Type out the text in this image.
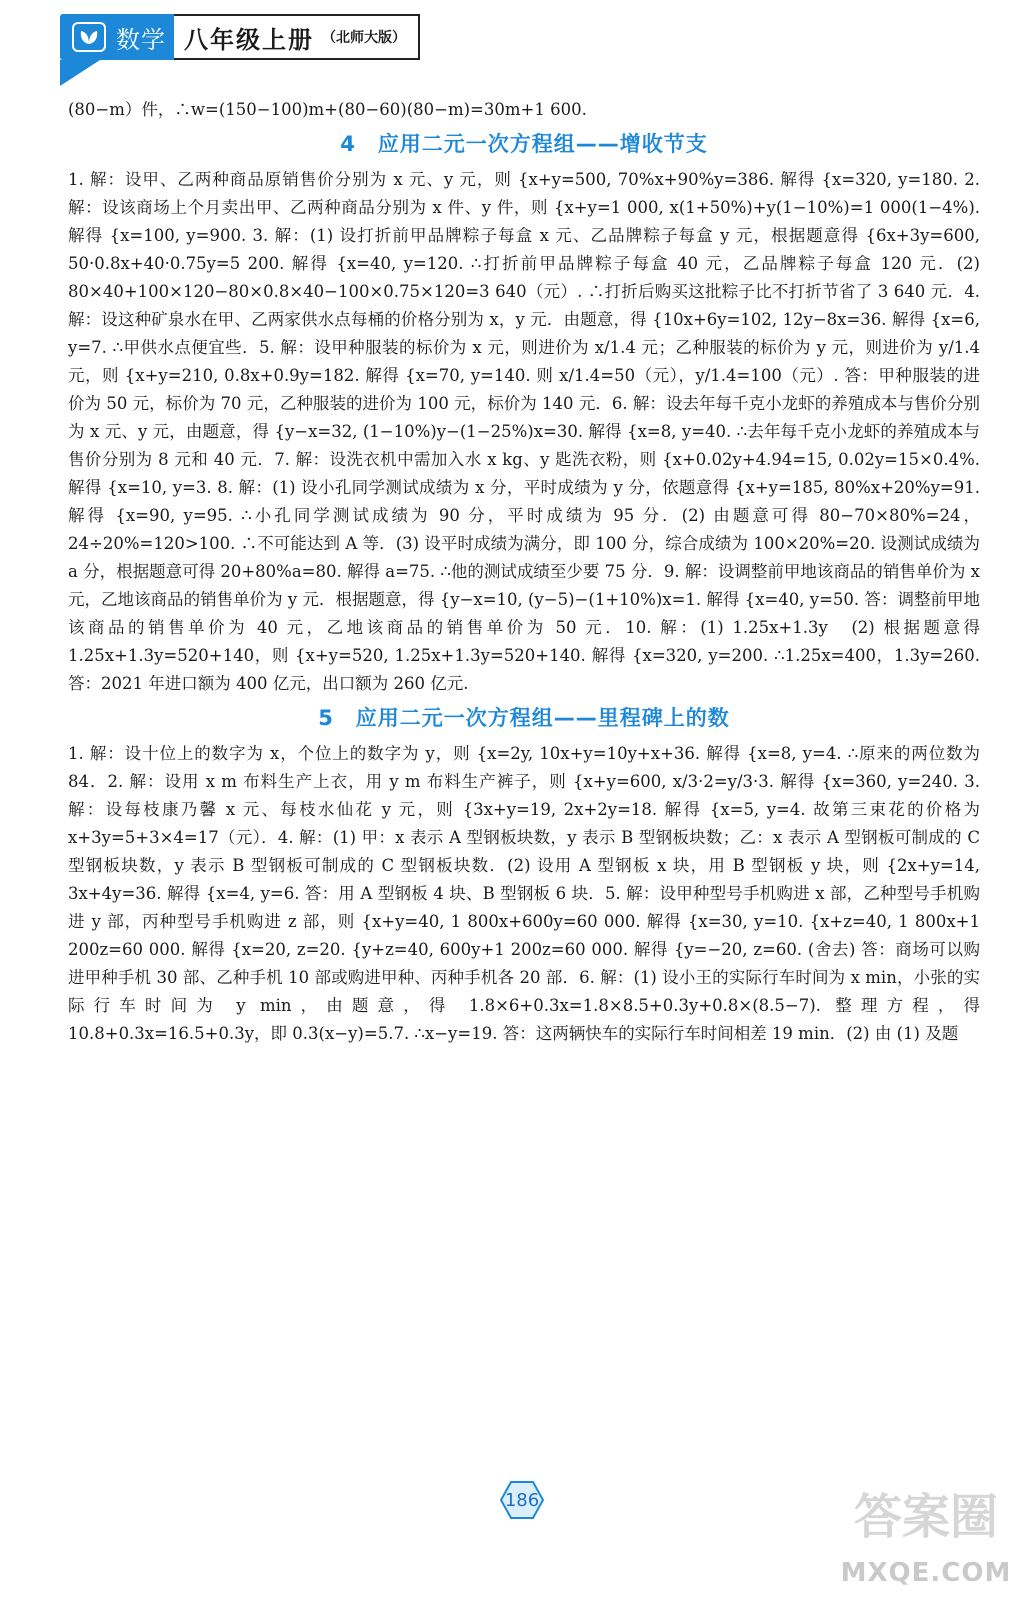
数学 八年级上册 （北师大版）

(80−m）件，∴w=(150−100)m+(80−60)(80−m)=30m+1 600.

4　应用二元一次方程组——增收节支

1. 解：设甲、乙两种商品原销售价分别为 x 元、y 元，则 {x+y=500, 70%x+90%y=386. 解得 {x=320, y=180. 2. 解：设该商场上个月卖出甲、乙两种商品分别为 x 件、y 件，则 {x+y=1 000, x(1+50%)+y(1−10%)=1 000(1−4%). 解得 {x=100, y=900. 3. 解：(1) 设打折前甲品牌粽子每盒 x 元、乙品牌粽子每盒 y 元，根据题意得 {6x+3y=600, 50·0.8x+40·0.75y=5 200. 解得 {x=40, y=120. ∴打折前甲品牌粽子每盒 40 元，乙品牌粽子每盒 120 元．(2) 80×40+100×120−80×0.8×40−100×0.75×120=3 640（元）. ∴打折后购买这批粽子比不打折节省了 3 640 元．4. 解：设这种矿泉水在甲、乙两家供水点每桶的价格分别为 x，y 元．由题意，得 {10x+6y=102, 12y−8x=36. 解得 {x=6, y=7. ∴甲供水点便宜些．5. 解：设甲种服装的标价为 x 元，则进价为 x/1.4 元；乙种服装的标价为 y 元，则进价为 y/1.4 元，则 {x+y=210, 0.8x+0.9y=182. 解得 {x=70, y=140. 则 x/1.4=50（元），y/1.4=100（元）. 答：甲种服装的进价为 50 元，标价为 70 元，乙种服装的进价为 100 元，标价为 140 元．6. 解：设去年每千克小龙虾的养殖成本与售价分别为 x 元、y 元，由题意，得 {y−x=32, (1−10%)y−(1−25%)x=30. 解得 {x=8, y=40. ∴去年每千克小龙虾的养殖成本与售价分别为 8 元和 40 元．7. 解：设洗衣机中需加入水 x kg、y 匙洗衣粉，则 {x+0.02y+4.94=15, 0.02y=15×0.4%. 解得 {x=10, y=3. 8. 解：(1) 设小孔同学测试成绩为 x 分，平时成绩为 y 分，依题意得 {x+y=185, 80%x+20%y=91. 解得 {x=90, y=95. ∴小孔同学测试成绩为 90 分，平时成绩为 95 分．(2) 由题意可得 80−70×80%=24，24÷20%=120>100. ∴不可能达到 A 等．(3) 设平时成绩为满分，即 100 分，综合成绩为 100×20%=20. 设测试成绩为 a 分，根据题意可得 20+80%a=80. 解得 a=75. ∴他的测试成绩至少要 75 分．9. 解：设调整前甲地该商品的销售单价为 x 元，乙地该商品的销售单价为 y 元．根据题意，得 {y−x=10, (y−5)−(1+10%)x=1. 解得 {x=40, y=50. 答：调整前甲地该商品的销售单价为 40 元，乙地该商品的销售单价为 50 元．10. 解：(1) 1.25x+1.3y　(2) 根据题意得 1.25x+1.3y=520+140，则 {x+y=520, 1.25x+1.3y=520+140. 解得 {x=320, y=200. ∴1.25x=400，1.3y=260. 答：2021 年进口额为 400 亿元，出口额为 260 亿元.

5　应用二元一次方程组——里程碑上的数

1. 解：设十位上的数字为 x，个位上的数字为 y，则 {x=2y, 10x+y=10y+x+36. 解得 {x=8, y=4. ∴原来的两位数为 84．2. 解：设用 x m 布料生产上衣，用 y m 布料生产裤子，则 {x+y=600, x/3·2=y/3·3. 解得 {x=360, y=240. 3. 解：设每枝康乃馨 x 元、每枝水仙花 y 元，则 {3x+y=19, 2x+2y=18. 解得 {x=5, y=4. 故第三束花的价格为 x+3y=5+3×4=17（元）．4. 解：(1) 甲：x 表示 A 型钢板块数，y 表示 B 型钢板块数；乙：x 表示 A 型钢板可制成的 C 型钢板块数，y 表示 B 型钢板可制成的 C 型钢板块数．(2) 设用 A 型钢板 x 块，用 B 型钢板 y 块，则 {2x+y=14, 3x+4y=36. 解得 {x=4, y=6. 答：用 A 型钢板 4 块、B 型钢板 6 块．5. 解：设甲种型号手机购进 x 部，乙种型号手机购进 y 部，丙种型号手机购进 z 部，则 {x+y=40, 1 800x+600y=60 000. 解得 {x=30, y=10. {x+z=40, 1 800x+1 200z=60 000. 解得 {x=20, z=20. {y+z=40, 600y+1 200z=60 000. 解得 {y=−20, z=60. (舍去) 答：商场可以购进甲种手机 30 部、乙种手机 10 部或购进甲种、丙种手机各 20 部．6. 解：(1) 设小王的实际行车时间为 x min，小张的实际行车时间为 y min，由题意，得 1.8×6+0.3x=1.8×8.5+0.3y+0.8×(8.5−7). 整理方程，得 10.8+0.3x=16.5+0.3y，即 0.3(x−y)=5.7. ∴x−y=19. 答：这两辆快车的实际行车时间相差 19 min．(2) 由 (1) 及题

186	答案圈
MXQE.COM
